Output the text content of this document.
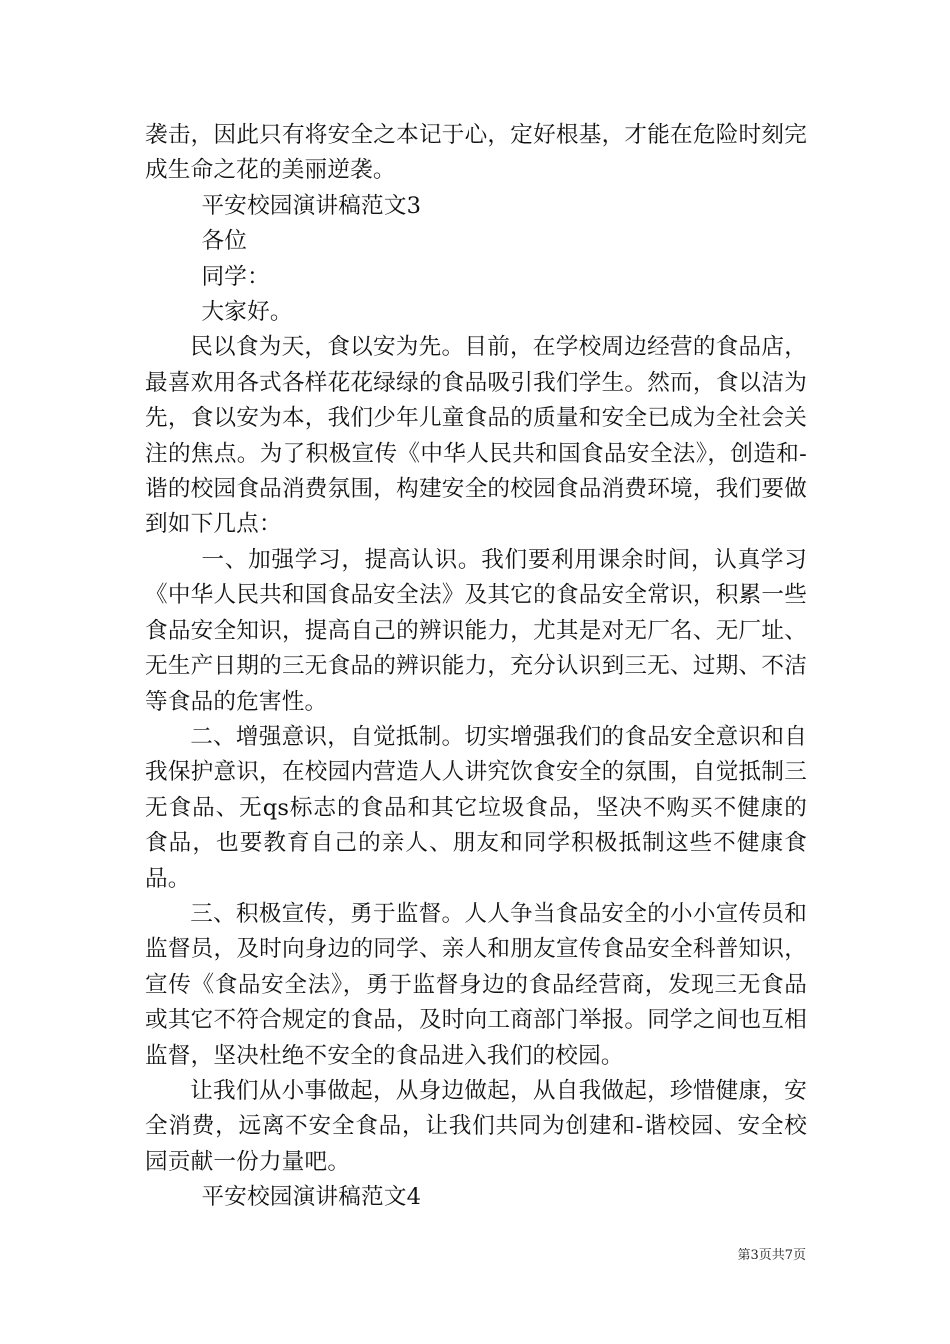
袭击，因此只有将安全之本记于心，定好根基，才能在危险时刻完成生命之花的美丽逆袭。

平安校园演讲稿范文3

各位

同学：

大家好。

民以食为天，食以安为先。目前，在学校周边经营的食品店，最喜欢用各式各样花花绿绿的食品吸引我们学生。然而，食以洁为先，食以安为本，我们少年儿童食品的质量和安全已成为全社会关注的焦点。为了积极宣传《中华人民共和国食品安全法》，创造和-谐的校园食品消费氛围，构建安全的校园食品消费环境，我们要做到如下几点：

一、加强学习，提高认识。我们要利用课余时间，认真学习《中华人民共和国食品安全法》及其它的食品安全常识，积累一些食品安全知识，提高自己的辨识能力，尤其是对无厂名、无厂址、无生产日期的三无食品的辨识能力，充分认识到三无、过期、不洁等食品的危害性。

二、增强意识，自觉抵制。切实增强我们的食品安全意识和自我保护意识，在校园内营造人人讲究饮食安全的氛围，自觉抵制三无食品、无qs标志的食品和其它垃圾食品，坚决不购买不健康的食品，也要教育自己的亲人、朋友和同学积极抵制这些不健康食品。

三、积极宣传，勇于监督。人人争当食品安全的小小宣传员和监督员，及时向身边的同学、亲人和朋友宣传食品安全科普知识，宣传《食品安全法》，勇于监督身边的食品经营商，发现三无食品或其它不符合规定的食品，及时向工商部门举报。同学之间也互相监督，坚决杜绝不安全的食品进入我们的校园。

让我们从小事做起，从身边做起，从自我做起，珍惜健康，安全消费，远离不安全食品，让我们共同为创建和-谐校园、安全校园贡献一份力量吧。

平安校园演讲稿范文4

第3页共7页
